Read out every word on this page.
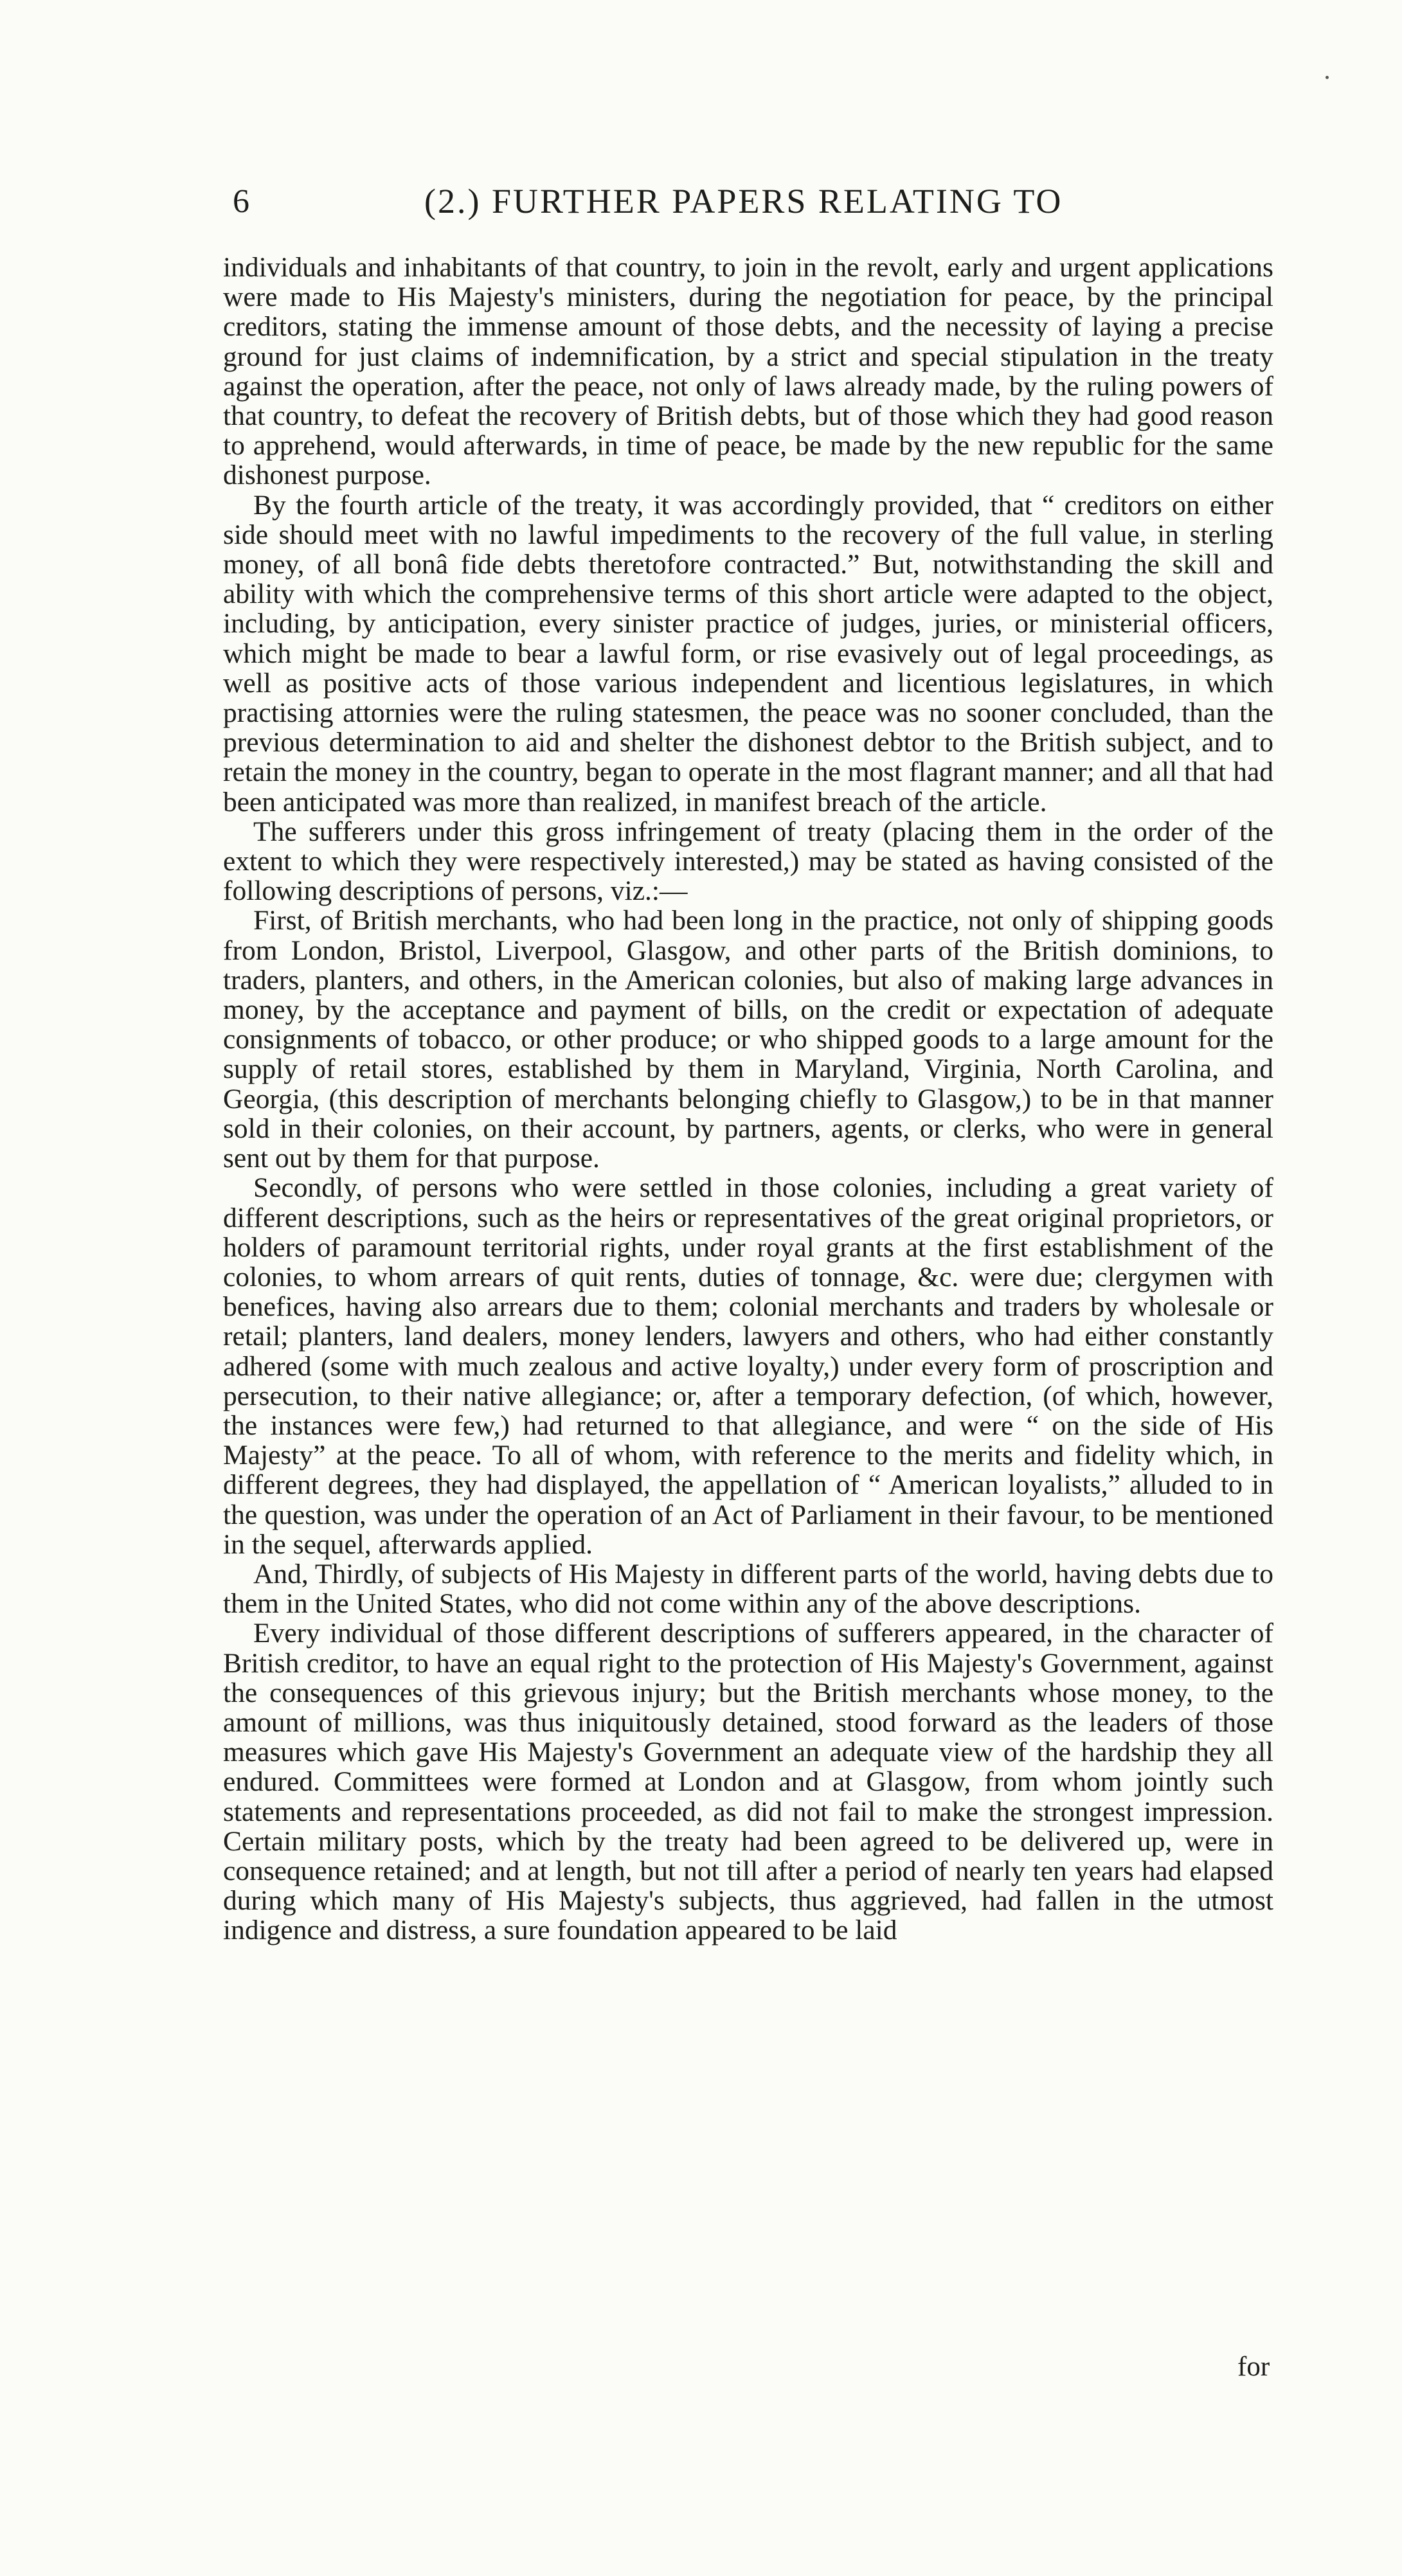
6	(2.) FURTHER PAPERS RELATING TO

individuals and inhabitants of that country, to join in the revolt, early and urgent applications were made to His Majesty's ministers, during the negotiation for peace, by the principal creditors, stating the immense amount of those debts, and the necessity of laying a precise ground for just claims of indemnification, by a strict and special stipulation in the treaty against the operation, after the peace, not only of laws already made, by the ruling powers of that country, to defeat the recovery of British debts, but of those which they had good reason to apprehend, would afterwards, in time of peace, be made by the new republic for the same dishonest purpose.

By the fourth article of the treaty, it was accordingly provided, that “ creditors on either side should meet with no lawful impediments to the recovery of the full value, in sterling money, of all bonâ fide debts theretofore contracted.” But, notwithstanding the skill and ability with which the comprehensive terms of this short article were adapted to the object, including, by anticipation, every sinister practice of judges, juries, or ministerial officers, which might be made to bear a lawful form, or rise evasively out of legal proceedings, as well as positive acts of those various independent and licentious legislatures, in which practising attornies were the ruling statesmen, the peace was no sooner concluded, than the previous determination to aid and shelter the dishonest debtor to the British subject, and to retain the money in the country, began to operate in the most flagrant manner; and all that had been anticipated was more than realized, in manifest breach of the article.

The sufferers under this gross infringement of treaty (placing them in the order of the extent to which they were respectively interested,) may be stated as having consisted of the following descriptions of persons, viz.:—

First, of British merchants, who had been long in the practice, not only of shipping goods from London, Bristol, Liverpool, Glasgow, and other parts of the British dominions, to traders, planters, and others, in the American colonies, but also of making large advances in money, by the acceptance and payment of bills, on the credit or expectation of adequate consignments of tobacco, or other produce; or who shipped goods to a large amount for the supply of retail stores, established by them in Maryland, Virginia, North Carolina, and Georgia, (this description of merchants belonging chiefly to Glasgow,) to be in that manner sold in their colonies, on their account, by partners, agents, or clerks, who were in general sent out by them for that purpose.

Secondly, of persons who were settled in those colonies, including a great variety of different descriptions, such as the heirs or representatives of the great original proprietors, or holders of paramount territorial rights, under royal grants at the first establishment of the colonies, to whom arrears of quit rents, duties of tonnage, &c. were due; clergymen with benefices, having also arrears due to them; colonial merchants and traders by wholesale or retail; planters, land dealers, money lenders, lawyers and others, who had either constantly adhered (some with much zealous and active loyalty,) under every form of proscription and persecution, to their native allegiance; or, after a temporary defection, (of which, however, the instances were few,) had returned to that allegiance, and were “ on the side of His Majesty” at the peace. To all of whom, with reference to the merits and fidelity which, in different degrees, they had displayed, the appellation of “ American loyalists,” alluded to in the question, was under the operation of an Act of Parliament in their favour, to be mentioned in the sequel, afterwards applied.

And, Thirdly, of subjects of His Majesty in different parts of the world, having debts due to them in the United States, who did not come within any of the above descriptions.

Every individual of those different descriptions of sufferers appeared, in the character of British creditor, to have an equal right to the protection of His Majesty's Government, against the consequences of this grievous injury; but the British merchants whose money, to the amount of millions, was thus iniquitously detained, stood forward as the leaders of those measures which gave His Majesty's Government an adequate view of the hardship they all endured. Committees were formed at London and at Glasgow, from whom jointly such statements and representations proceeded, as did not fail to make the strongest impression. Certain military posts, which by the treaty had been agreed to be delivered up, were in consequence retained; and at length, but not till after a period of nearly ten years had elapsed during which many of His Majesty's subjects, thus aggrieved, had fallen in the utmost indigence and distress, a sure foundation appeared to be laid

for
